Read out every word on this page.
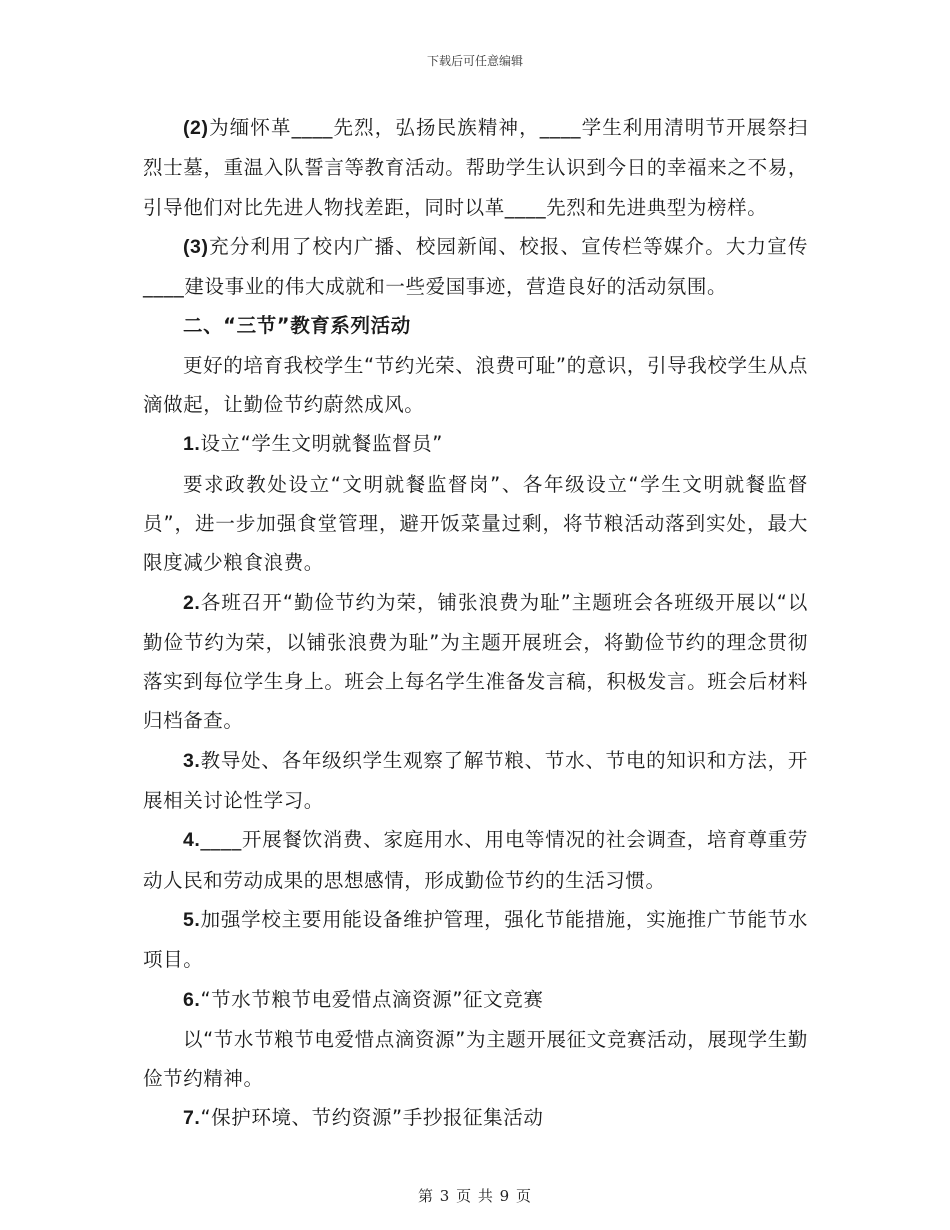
下载后可任意编辑

(2)为缅怀革____先烈，弘扬民族精神，____学生利用清明节开展祭扫烈士墓，重温入队誓言等教育活动。帮助学生认识到今日的幸福来之不易，引导他们对比先进人物找差距，同时以革____先烈和先进典型为榜样。

(3)充分利用了校内广播、校园新闻、校报、宣传栏等媒介。大力宣传____建设事业的伟大成就和一些爱国事迹，营造良好的活动氛围。

二、“三节”教育系列活动

更好的培育我校学生“节约光荣、浪费可耻”的意识，引导我校学生从点滴做起，让勤俭节约蔚然成风。

1.设立“学生文明就餐监督员”

要求政教处设立“文明就餐监督岗”、各年级设立“学生文明就餐监督员”，进一步加强食堂管理，避开饭菜量过剩，将节粮活动落到实处，最大限度减少粮食浪费。

2.各班召开“勤俭节约为荣，铺张浪费为耻”主题班会各班级开展以“以勤俭节约为荣，以铺张浪费为耻”为主题开展班会，将勤俭节约的理念贯彻落实到每位学生身上。班会上每名学生准备发言稿，积极发言。班会后材料归档备查。

3.教导处、各年级织学生观察了解节粮、节水、节电的知识和方法，开展相关讨论性学习。

4.____开展餐饮消费、家庭用水、用电等情况的社会调查，培育尊重劳动人民和劳动成果的思想感情，形成勤俭节约的生活习惯。

5.加强学校主要用能设备维护管理，强化节能措施，实施推广节能节水项目。

6.“节水节粮节电爱惜点滴资源”征文竞赛

以“节水节粮节电爱惜点滴资源”为主题开展征文竞赛活动，展现学生勤俭节约精神。

7.“保护环境、节约资源”手抄报征集活动

第 3 页 共 9 页
